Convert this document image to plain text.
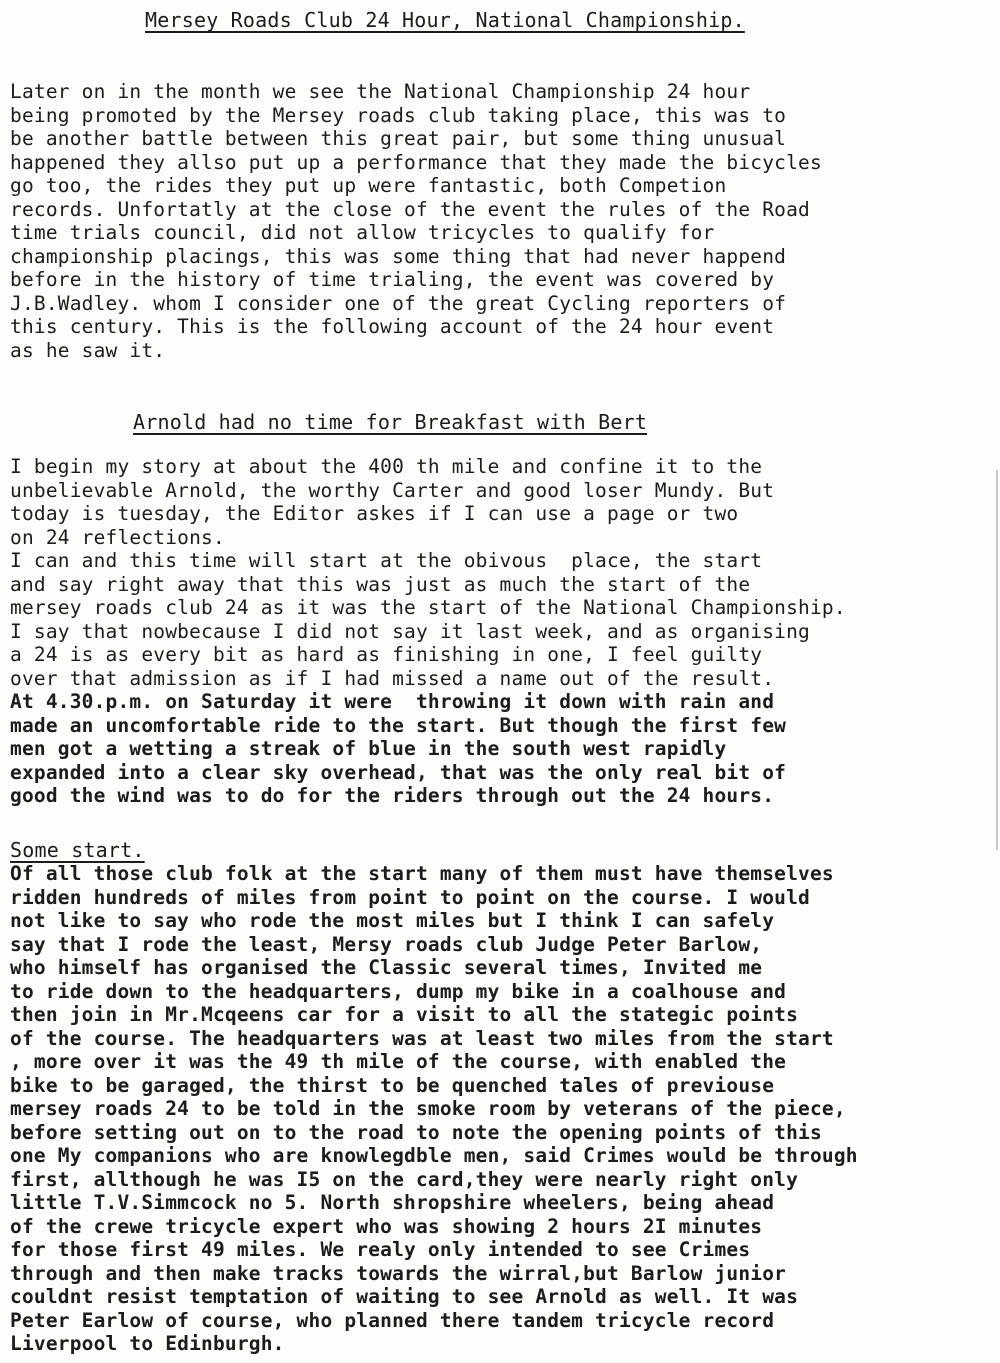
Mersey Roads Club 24 Hour, National Championship.
Later on in the month we see the National Championship 24 hour
being promoted by the Mersey roads club taking place, this was to
be another battle between this great pair, but some thing unusual
happened they allso put up a performance that they made the bicycles
go too, the rides they put up were fantastic, both Competion
records. Unfortatly at the close of the event the rules of the Road
time trials council, did not allow tricycles to qualify for
championship placings, this was some thing that had never happend
before in the history of time trialing, the event was covered by
J.B.Wadley. whom I consider one of the great Cycling reporters of
this century. This is the following account of the 24 hour event
as he saw it.
Arnold had no time for Breakfast with Bert
I begin my story at about the 400 th mile and confine it to the
unbelievable Arnold, the worthy Carter and good loser Mundy. But
today is tuesday, the Editor askes if I can use a page or two
on 24 reflections.
I can and this time will start at the obivous  place, the start
and say right away that this was just as much the start of the
mersey roads club 24 as it was the start of the National Championship.
I say that nowbecause I did not say it last week, and as organising
a 24 is as every bit as hard as finishing in one, I feel guilty
over that admission as if I had missed a name out of the result.
At 4.30.p.m. on Saturday it were  throwing it down with rain and
made an uncomfortable ride to the start. But though the first few
men got a wetting a streak of blue in the south west rapidly
expanded into a clear sky overhead, that was the only real bit of
good the wind was to do for the riders through out the 24 hours.
Some start.
Of all those club folk at the start many of them must have themselves
ridden hundreds of miles from point to point on the course. I would
not like to say who rode the most miles but I think I can safely
say that I rode the least, Mersy roads club Judge Peter Barlow,
who himself has organised the Classic several times, Invited me
to ride down to the headquarters, dump my bike in a coalhouse and
then join in Mr.Mcqeens car for a visit to all the stategic points
of the course. The headquarters was at least two miles from the start
, more over it was the 49 th mile of the course, with enabled the
bike to be garaged, the thirst to be quenched tales of previouse
mersey roads 24 to be told in the smoke room by veterans of the piece,
before setting out on to the road to note the opening points of this
one My companions who are knowlegdble men, said Crimes would be through
first, allthough he was I5 on the card,they were nearly right only
little T.V.Simmcock no 5. North shropshire wheelers, being ahead
of the crewe tricycle expert who was showing 2 hours 2I minutes
for those first 49 miles. We realy only intended to see Crimes
through and then make tracks towards the wirral,but Barlow junior
couldnt resist temptation of waiting to see Arnold as well. It was
Peter Earlow of course, who planned there tandem tricycle record
Liverpool to Edinburgh.
